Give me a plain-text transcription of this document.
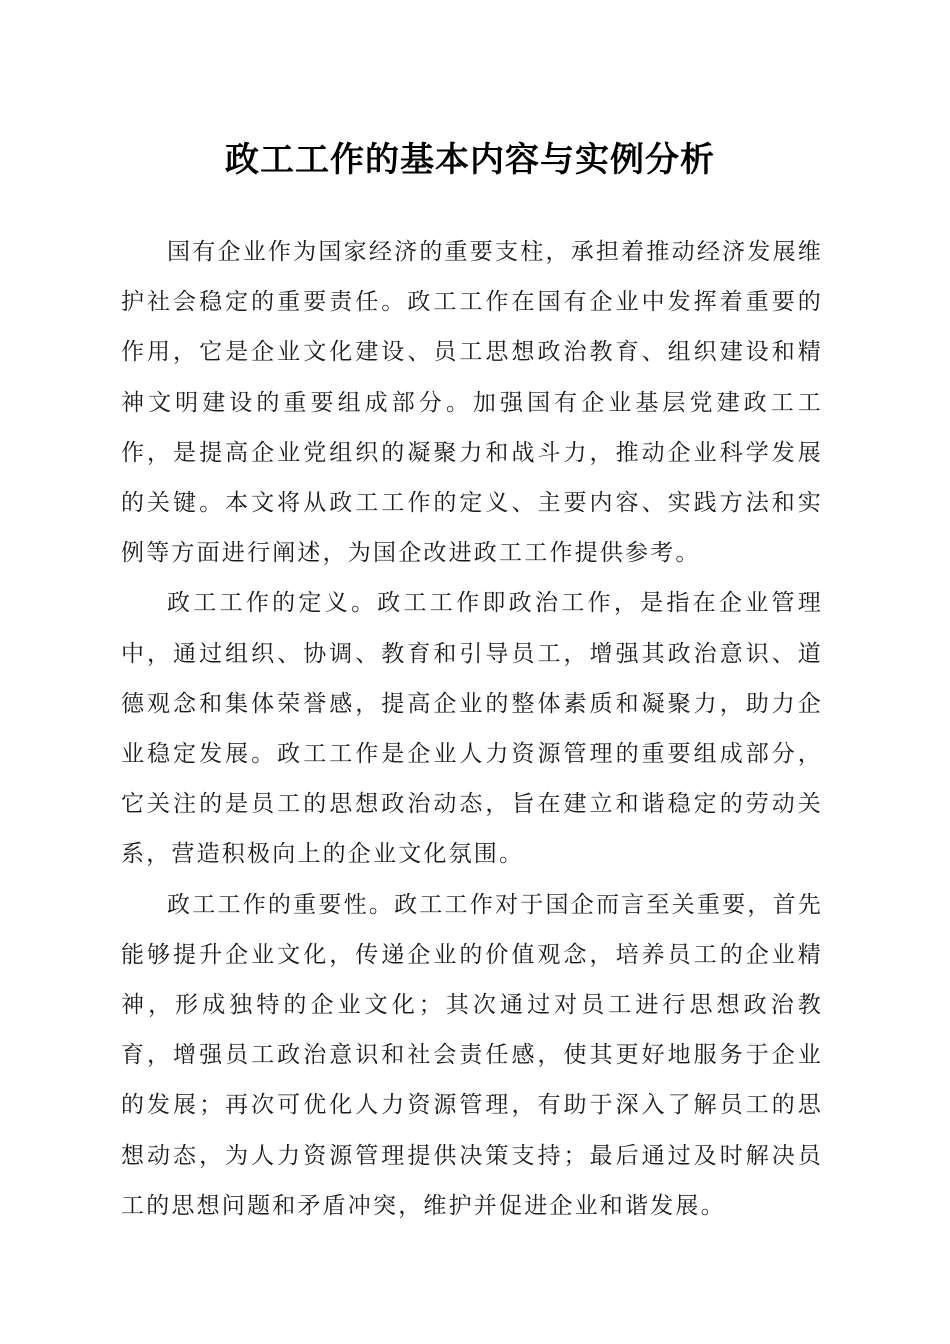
政工工作的基本内容与实例分析

国有企业作为国家经济的重要支柱，承担着推动经济发展维护社会稳定的重要责任。政工工作在国有企业中发挥着重要的作用，它是企业文化建设、员工思想政治教育、组织建设和精神文明建设的重要组成部分。加强国有企业基层党建政工工作，是提高企业党组织的凝聚力和战斗力，推动企业科学发展的关键。本文将从政工工作的定义、主要内容、实践方法和实例等方面进行阐述，为国企改进政工工作提供参考。

政工工作的定义。政工工作即政治工作，是指在企业管理中，通过组织、协调、教育和引导员工，增强其政治意识、道德观念和集体荣誉感，提高企业的整体素质和凝聚力，助力企业稳定发展。政工工作是企业人力资源管理的重要组成部分，它关注的是员工的思想政治动态，旨在建立和谐稳定的劳动关系，营造积极向上的企业文化氛围。

政工工作的重要性。政工工作对于国企而言至关重要，首先能够提升企业文化，传递企业的价值观念，培养员工的企业精神，形成独特的企业文化；其次通过对员工进行思想政治教育，增强员工政治意识和社会责任感，使其更好地服务于企业的发展；再次可优化人力资源管理，有助于深入了解员工的思想动态，为人力资源管理提供决策支持；最后通过及时解决员工的思想问题和矛盾冲突，维护并促进企业和谐发展。
